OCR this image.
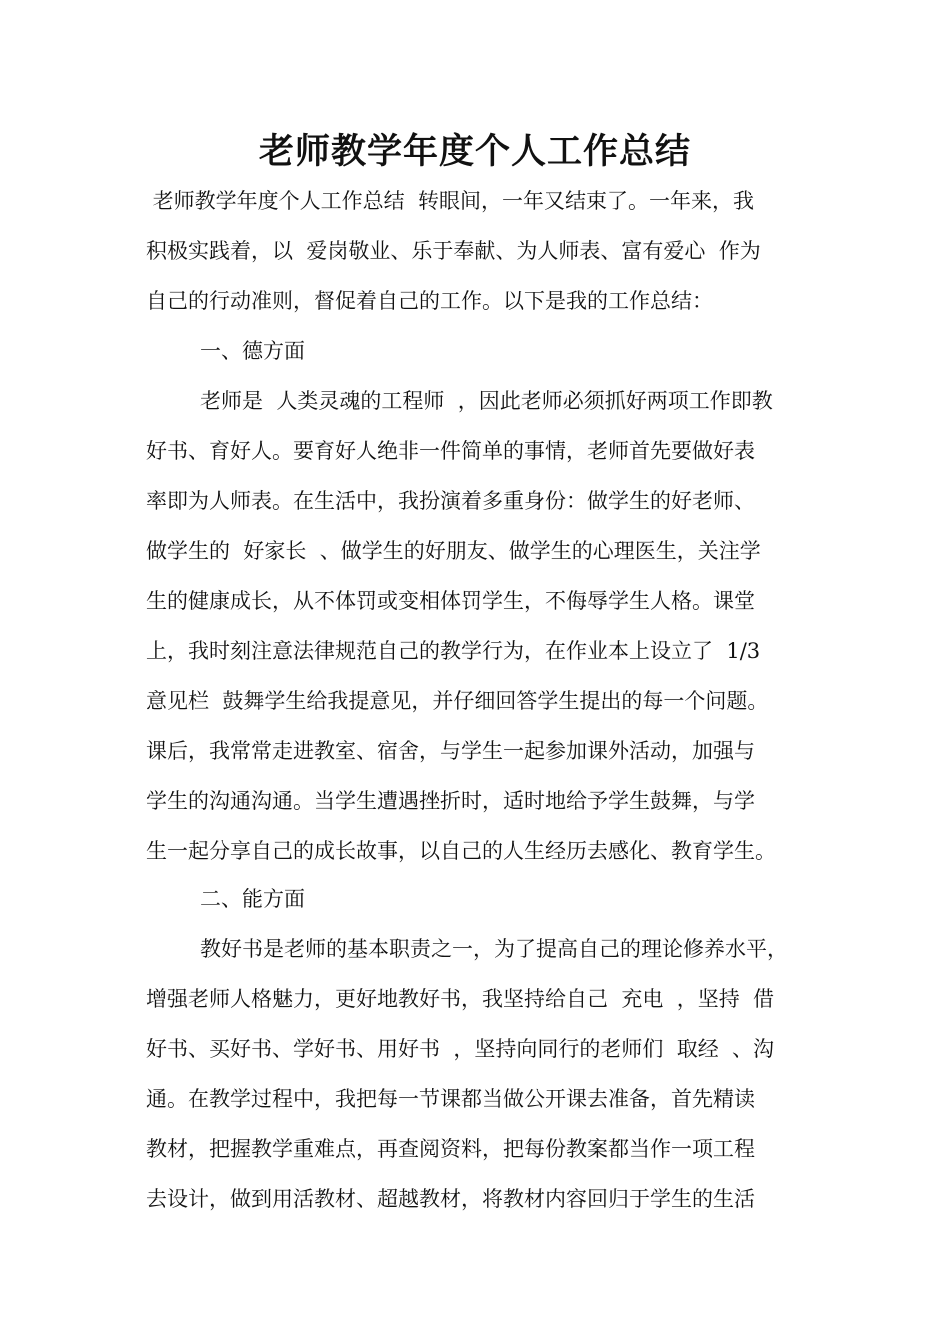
老师教学年度个人工作总结

老师教学年度个人工作总结  转眼间，一年又结束了。一年来，我

积极实践着，以  爱岗敬业、乐于奉献、为人师表、富有爱心  作为

自己的行动准则，督促着自己的工作。以下是我的工作总结：

一、德方面

老师是  人类灵魂的工程师  ，因此老师必须抓好两项工作即教

好书、育好人。要育好人绝非一件简单的事情，老师首先要做好表

率即为人师表。在生活中，我扮演着多重身份：做学生的好老师、

做学生的  好家长  、做学生的好朋友、做学生的心理医生，关注学

生的健康成长，从不体罚或变相体罚学生，不侮辱学生人格。课堂

上，我时刻注意法律规范自己的教学行为，在作业本上设立了  1/3

意见栏  鼓舞学生给我提意见，并仔细回答学生提出的每一个问题。

课后，我常常走进教室、宿舍，与学生一起参加课外活动，加强与

学生的沟通沟通。当学生遭遇挫折时，适时地给予学生鼓舞，与学

生一起分享自己的成长故事，以自己的人生经历去感化、教育学生。

二、能方面

教好书是老师的基本职责之一，为了提高自己的理论修养水平，

增强老师人格魅力，更好地教好书，我坚持给自己  充电  ，坚持  借

好书、买好书、学好书、用好书  ，坚持向同行的老师们  取经  、沟

通。在教学过程中，我把每一节课都当做公开课去准备，首先精读

教材，把握教学重难点，再查阅资料，把每份教案都当作一项工程

去设计，做到用活教材、超越教材，将教材内容回归于学生的生活
